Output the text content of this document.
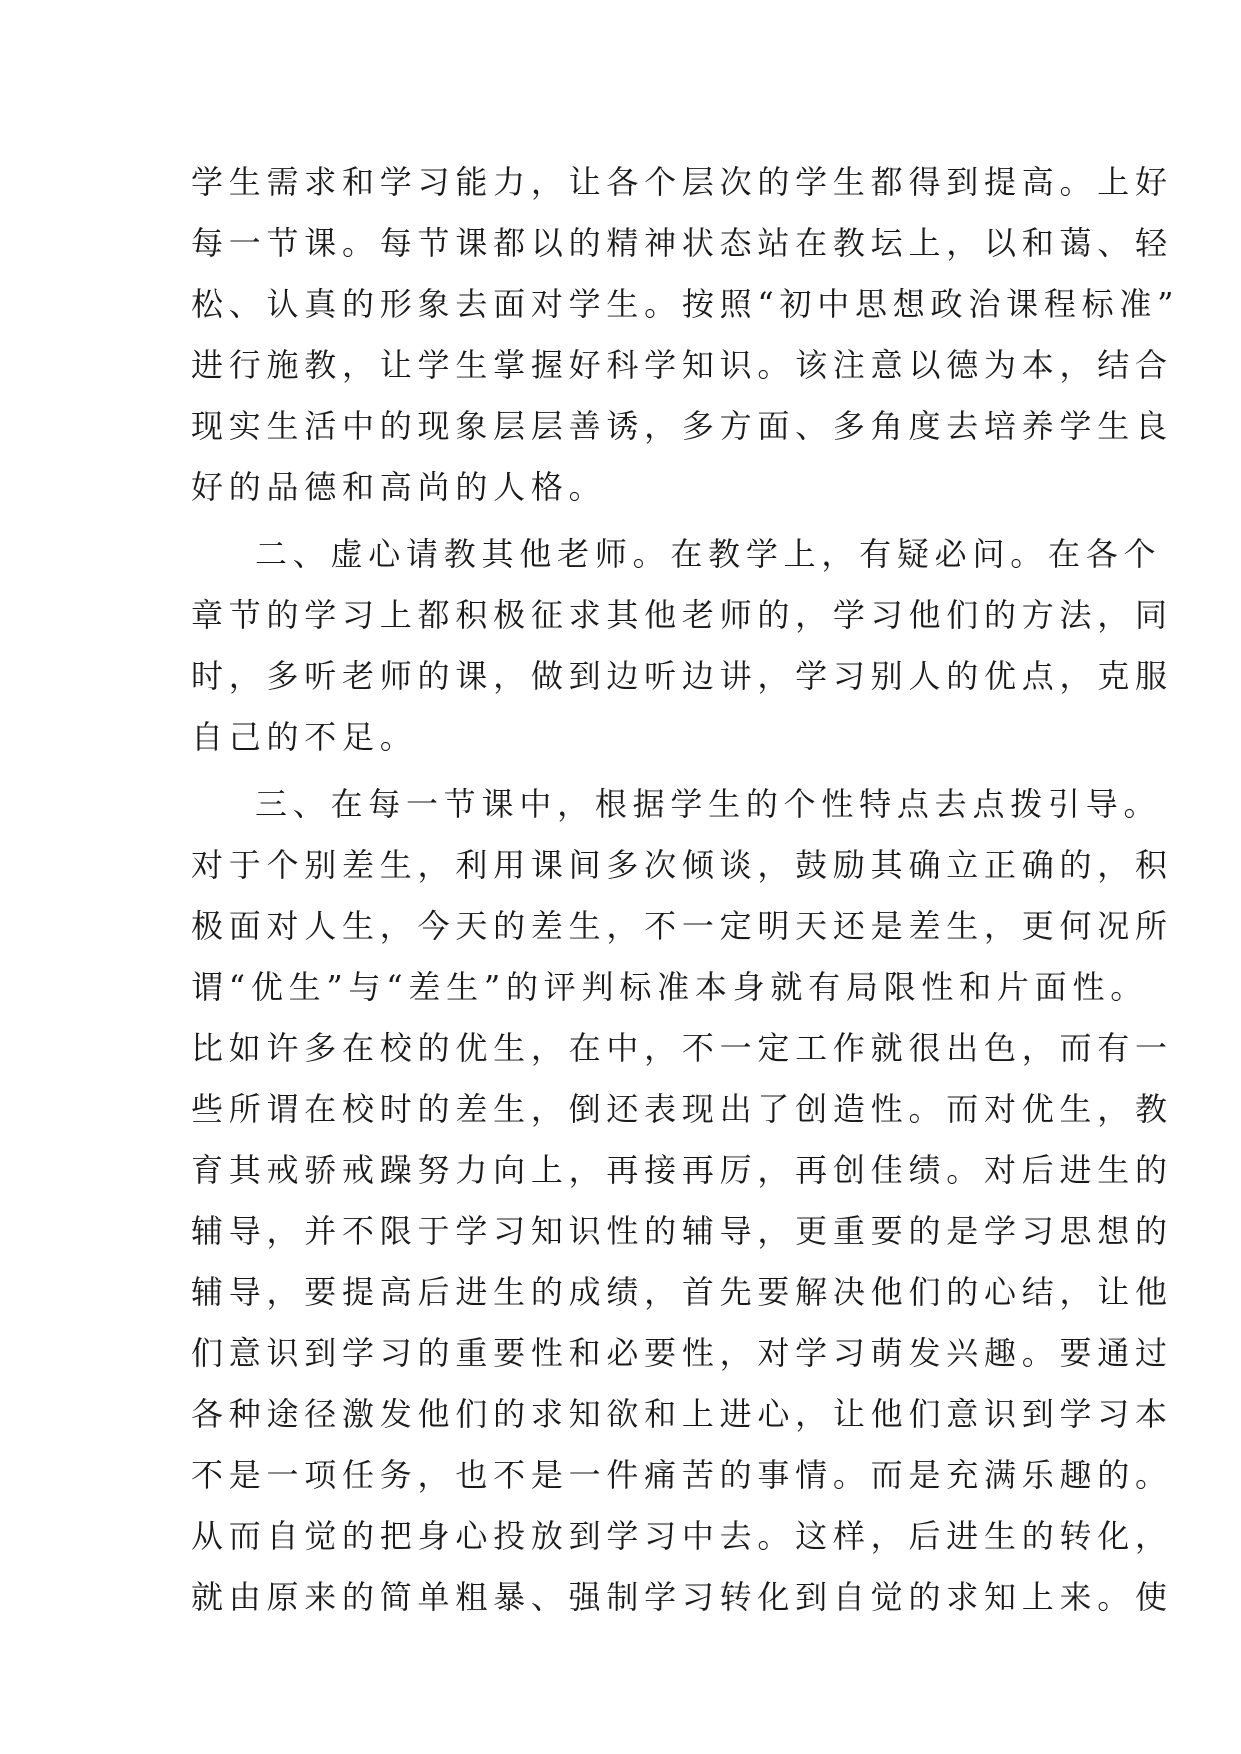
学生需求和学习能力，让各个层次的学生都得到提高。上好
每一节课。每节课都以的精神状态站在教坛上，以和蔼、轻
松、认真的形象去面对学生。按照“初中思想政治课程标准”
进行施教，让学生掌握好科学知识。该注意以德为本，结合
现实生活中的现象层层善诱，多方面、多角度去培养学生良
好的品德和高尚的人格。
二、虚心请教其他老师。在教学上，有疑必问。在各个
章节的学习上都积极征求其他老师的，学习他们的方法，同
时，多听老师的课，做到边听边讲，学习别人的优点，克服
自己的不足。
三、在每一节课中，根据学生的个性特点去点拨引导。
对于个别差生，利用课间多次倾谈，鼓励其确立正确的，积
极面对人生，今天的差生，不一定明天还是差生，更何况所
谓“优生”与“差生”的评判标准本身就有局限性和片面性。
比如许多在校的优生，在中，不一定工作就很出色，而有一
些所谓在校时的差生，倒还表现出了创造性。而对优生，教
育其戒骄戒躁努力向上，再接再厉，再创佳绩。对后进生的
辅导，并不限于学习知识性的辅导，更重要的是学习思想的
辅导，要提高后进生的成绩，首先要解决他们的心结，让他
们意识到学习的重要性和必要性，对学习萌发兴趣。要通过
各种途径激发他们的求知欲和上进心，让他们意识到学习本
不是一项任务，也不是一件痛苦的事情。而是充满乐趣的。
从而自觉的把身心投放到学习中去。这样，后进生的转化，
就由原来的简单粗暴、强制学习转化到自觉的求知上来。使
